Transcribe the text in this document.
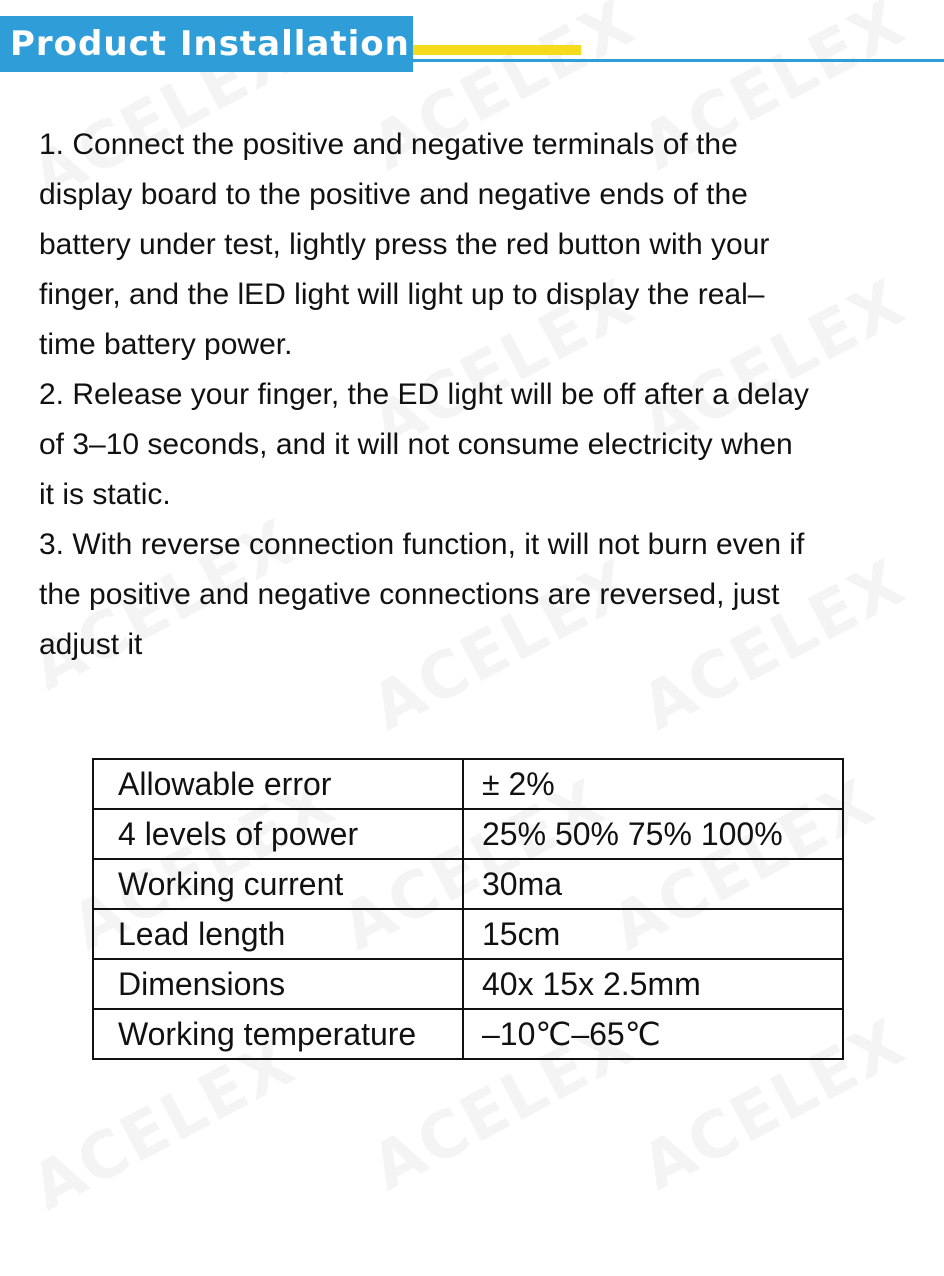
Product Installation

1. Connect the positive and negative terminals of the

display board to the positive and negative ends of the

battery under test, lightly press the red button with your

finger, and the lED light will light up to display the real–

time battery power.

2. Release your finger, the ED light will be off after a delay

of 3–10 seconds, and it will not consume electricity when

it is static.

3. With reverse connection function, it will not burn even if

the positive and negative connections are reversed, just

adjust it

Allowable error	± 2%
4 levels of power	25% 50% 75% 100%
Working current	30ma
Lead length	15cm
Dimensions	40x 15x 2.5mm
Working temperature	–10℃–65℃
